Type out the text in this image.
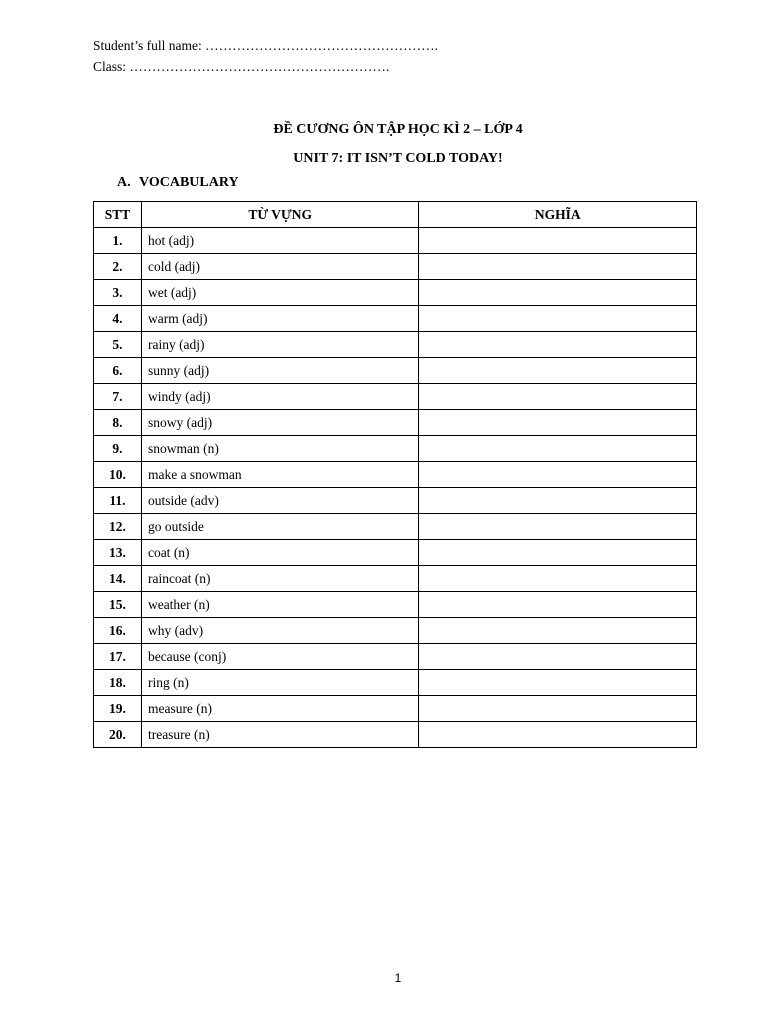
Student’s full name: …………………………………………….
Class: ………………………………………………….
ĐỀ CƯƠNG ÔN TẬP HỌC KÌ 2 – LỚP 4
UNIT 7: IT ISN’T COLD TODAY!
A. VOCABULARY
STT	TỪ VỰNG	NGHĨA
1.	hot (adj)	
2.	cold (adj)	
3.	wet (adj)	
4.	warm (adj)	
5.	rainy (adj)	
6.	sunny (adj)	
7.	windy (adj)	
8.	snowy (adj)	
9.	snowman (n)	
10.	make a snowman	
11.	outside (adv)	
12.	go outside	
13.	coat (n)	
14.	raincoat (n)	
15.	weather (n)	
16.	why (adv)	
17.	because (conj)	
18.	ring (n)	
19.	measure (n)	
20.	treasure (n)	
1
